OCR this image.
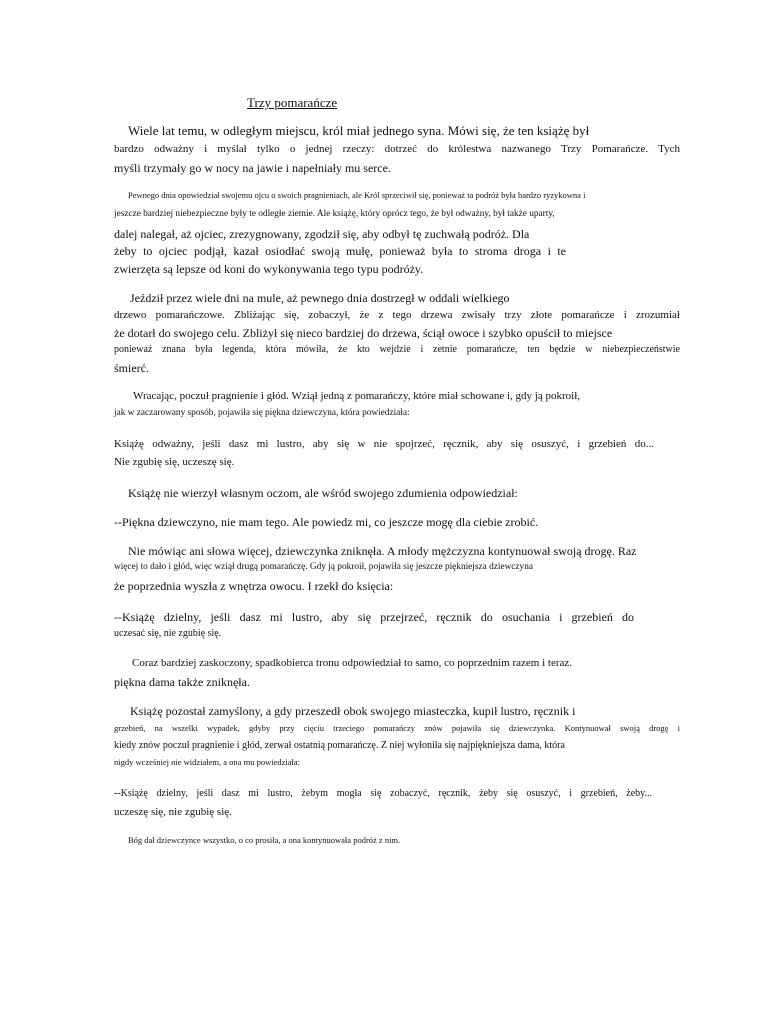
Trzy pomarańcze
Wiele lat temu, w odległym miejscu, król miał jednego syna. Mówi się, że ten książę był
bardzo odważny i myślał tylko o jednej rzeczy: dotrzeć do królestwa nazwanego Trzy Pomarańcze. Tych
myśli trzymały go w nocy na jawie i napełniały mu serce.
Pewnego dnia opowiedział swojemu ojcu o swoich pragnieniach, ale Król sprzeciwił się, ponieważ ta podróż była bardzo ryzykowna i
jeszcze bardziej niebezpieczne były te odległe ziemie. Ale książę, który oprócz tego, że był odważny, był także uparty,
dalej nalegał, aż ojciec, zrezygnowany, zgodził się, aby odbył tę zuchwałą podróż. Dla
żeby to ojciec podjął, kazał osiodłać swoją mułę, ponieważ była to stroma droga i te
zwierzęta są lepsze od koni do wykonywania tego typu podróży.
Jeździł przez wiele dni na mule, aż pewnego dnia dostrzegł w oddali wielkiego
drzewo pomarańczowe. Zbliżając się, zobaczył, że z tego drzewa zwisały trzy złote pomarańcze i zrozumiał
że dotarł do swojego celu. Zbliżył się nieco bardziej do drzewa, ściął owoce i szybko opuścił to miejsce
ponieważ znana była legenda, która mówiła, że kto wejdzie i zetnie pomarańcze, ten będzie w niebezpieczeństwie
śmierć.
Wracając, poczuł pragnienie i głód. Wziął jedną z pomarańczy, które miał schowane i, gdy ją pokroił,
jak w zaczarowany sposób, pojawiła się piękna dziewczyna, która powiedziała:
Książę odważny, jeśli dasz mi lustro, aby się w nie spojrzeć, ręcznik, aby się osuszyć, i grzebień do...
Nie zgubię się, uczeszę się.
Książę nie wierzył własnym oczom, ale wśród swojego zdumienia odpowiedział:
--Piękna dziewczyno, nie mam tego. Ale powiedz mi, co jeszcze mogę dla ciebie zrobić.
Nie mówiąc ani słowa więcej, dziewczynka zniknęła. A młody mężczyzna kontynuował swoją drogę. Raz
więcej to dało i głód, więc wziął drugą pomarańczę. Gdy ją pokroił, pojawiła się jeszcze piękniejsza dziewczyna
że poprzednia wyszła z wnętrza owocu. I rzekł do księcia:
--Książę dzielny, jeśli dasz mi lustro, aby się przejrzeć, ręcznik do osuchania i grzebień do
uczesać się, nie zgubię się.
Coraz bardziej zaskoczony, spadkobierca tronu odpowiedział to samo, co poprzednim razem i teraz.
piękna dama także zniknęła.
Książę pozostał zamyślony, a gdy przeszedł obok swojego miasteczka, kupił lustro, ręcznik i
grzebień, na wszelki wypadek, gdyby przy cięciu trzeciego pomarańczy znów pojawiła się dziewczynka. Kontynuował swoją drogę i
kiedy znów poczuł pragnienie i głód, zerwał ostatnią pomarańczę. Z niej wyłoniła się najpiękniejsza dama, która
nigdy wcześniej nie widziałem, a ona mu powiedziała:
--Książę dzielny, jeśli dasz mi lustro, żebym mogła się zobaczyć, ręcznik, żeby się osuszyć, i grzebień, żeby...
uczeszę się, nie zgubię się.
Bóg dał dziewczynce wszystko, o co prosiła, a ona kontynuowała podróż z nim.
